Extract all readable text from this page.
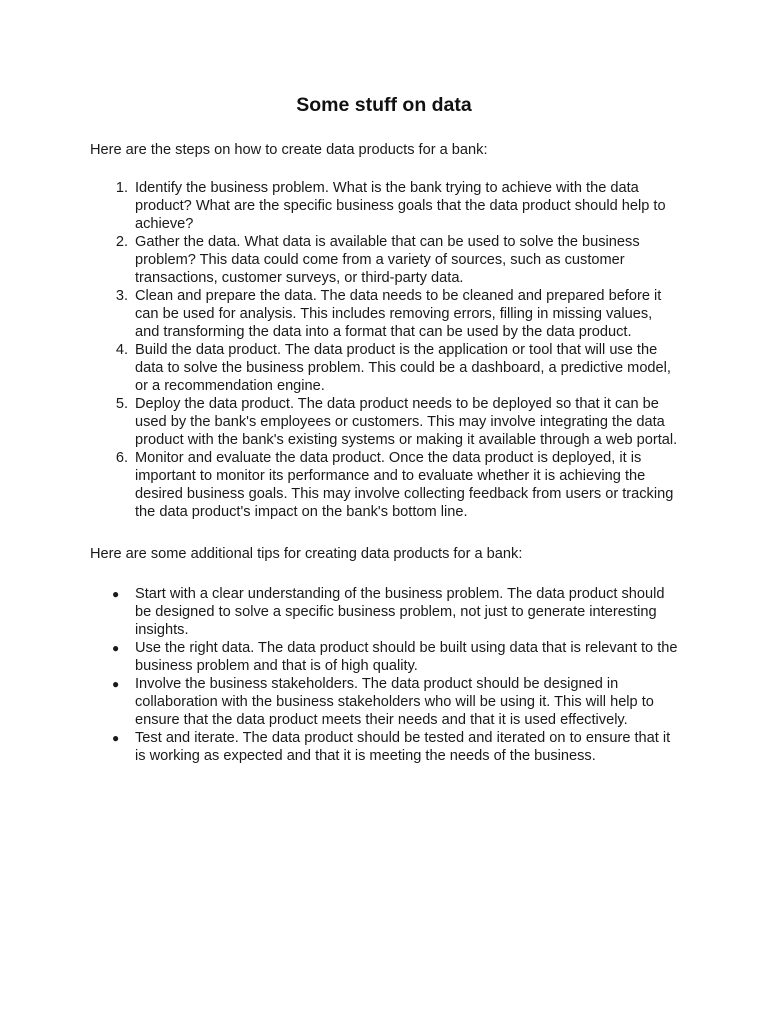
Some stuff on data

Here are the steps on how to create data products for a bank:

1. Identify the business problem. What is the bank trying to achieve with the data product? What are the specific business goals that the data product should help to achieve?
2. Gather the data. What data is available that can be used to solve the business problem? This data could come from a variety of sources, such as customer transactions, customer surveys, or third-party data.
3. Clean and prepare the data. The data needs to be cleaned and prepared before it can be used for analysis. This includes removing errors, filling in missing values, and transforming the data into a format that can be used by the data product.
4. Build the data product. The data product is the application or tool that will use the data to solve the business problem. This could be a dashboard, a predictive model, or a recommendation engine.
5. Deploy the data product. The data product needs to be deployed so that it can be used by the bank's employees or customers. This may involve integrating the data product with the bank's existing systems or making it available through a web portal.
6. Monitor and evaluate the data product. Once the data product is deployed, it is important to monitor its performance and to evaluate whether it is achieving the desired business goals. This may involve collecting feedback from users or tracking the data product's impact on the bank's bottom line.

Here are some additional tips for creating data products for a bank:

● Start with a clear understanding of the business problem. The data product should be designed to solve a specific business problem, not just to generate interesting insights.
● Use the right data. The data product should be built using data that is relevant to the business problem and that is of high quality.
● Involve the business stakeholders. The data product should be designed in collaboration with the business stakeholders who will be using it. This will help to ensure that the data product meets their needs and that it is used effectively.
● Test and iterate. The data product should be tested and iterated on to ensure that it is working as expected and that it is meeting the needs of the business.
